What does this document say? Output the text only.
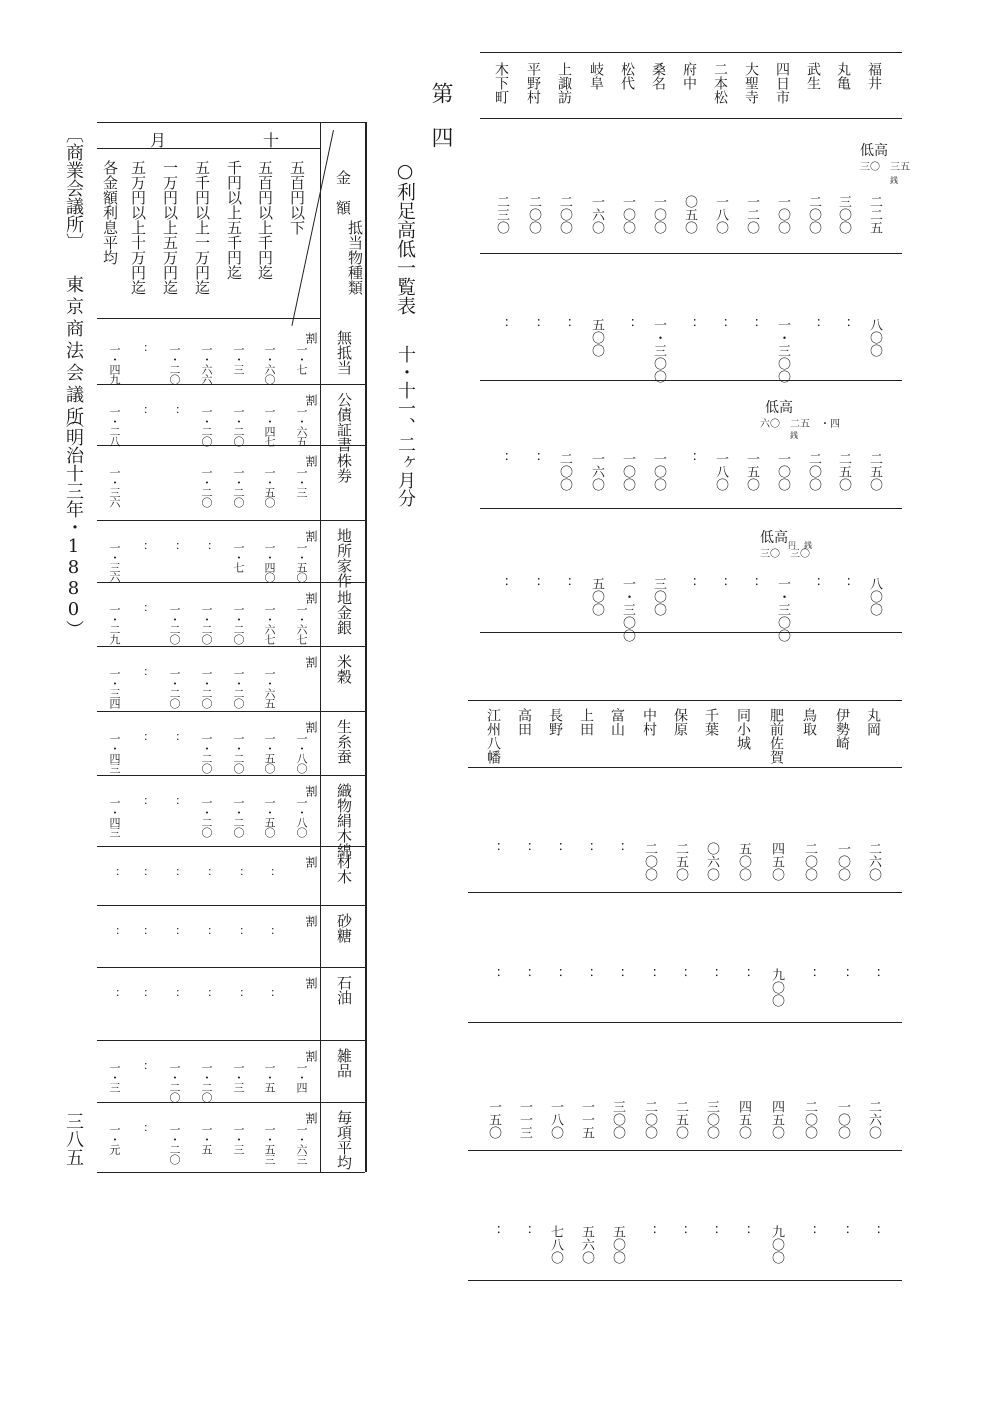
〔商業会議所〕
東京商法会議所
（明治十三年・1880）
三八五
第　四
○利足高低一覧表
十・十一、二ヶ月分
十
月
金　額
抵当物種類
五百円以下
五百円以上千円迄
千円以上五千円迄
五千円以上一万円迄
一万円以上五万円迄
五万円以上十万円迄
各金額利息平均
無抵当
割
一・七
一・六〇
一・三
一・六六
一・二〇
：
一・四九
公債証書
割
一・六五
一・四七
一・二〇
一・二〇
：
：
一・二八
株券
割
一・三
一・五〇
一・二〇
一・二〇
一・三六
地所家作
割
一・五〇
一・四〇
一・七
：
：
：
一・三六
地金銀
割
一・六七
一・六七
一・二〇
一・二〇
一・二〇
：
一・二九
米穀
割
一・六五
一・二〇
一・二〇
一・二〇
：
一・三四
生糸蚕
割
一・八〇
一・五〇
一・二〇
一・二〇
：
：
一・四三
織物絹木綿
割
一・八〇
一・五〇
一・二〇
一・二〇
：
：
一・四三
材木
割
：
：
：
：
：
：
砂糖
割
：
：
：
：
：
：
石油
割
：
：
：
：
：
：
雑品
割
一・四
一・五
一・三
一・二〇
一・二〇
：
一・三
毎項平均
割
一・六三
一・五三
一・三
一・五
一・二〇
：
一・元
福井
丸亀
武生
四日市
大聖寺
二本松
府中
桑名
松代
岐阜
上諏訪
平野村
木下町
低高
三〇　三五
銭
低高
六〇　二五　・四
銭
低高
三〇　三〇
円　銭
二二五
三〇〇
二〇〇
一〇〇
一二〇
一八〇
〇五〇
一〇〇
一〇〇
一六〇
二〇〇
二〇〇
二三〇
八〇〇
：
：
一・三〇〇
：
：
：
一・三〇〇
：
五〇〇
：
：
：
二五〇
二五〇
二〇〇
一〇〇
一五〇
一八〇
：
一〇〇
一〇〇
一六〇
二〇〇
：
：
八〇〇
：
：
一・三〇〇
：
：
：
三〇〇
一・三〇〇
五〇〇
：
：
：
丸岡
伊勢崎
鳥取
肥前佐賀
同小城
千葉
保原
中村
富山
上田
長野
高田
江州八幡
二六〇
一〇〇
二〇〇
四五〇
五〇〇
〇六〇
二五〇
二〇〇
：
：
：
：
：
：
：
：
九〇〇
：
：
：
：
：
：
：
：
：
二六〇
一〇〇
二〇〇
四五〇
四五〇
三〇〇
二五〇
二〇〇
三〇〇
一一五
一八〇
一一三
一五〇
：
：
：
九〇〇
：
：
：
：
五〇〇
五六〇
七八〇
：
：
